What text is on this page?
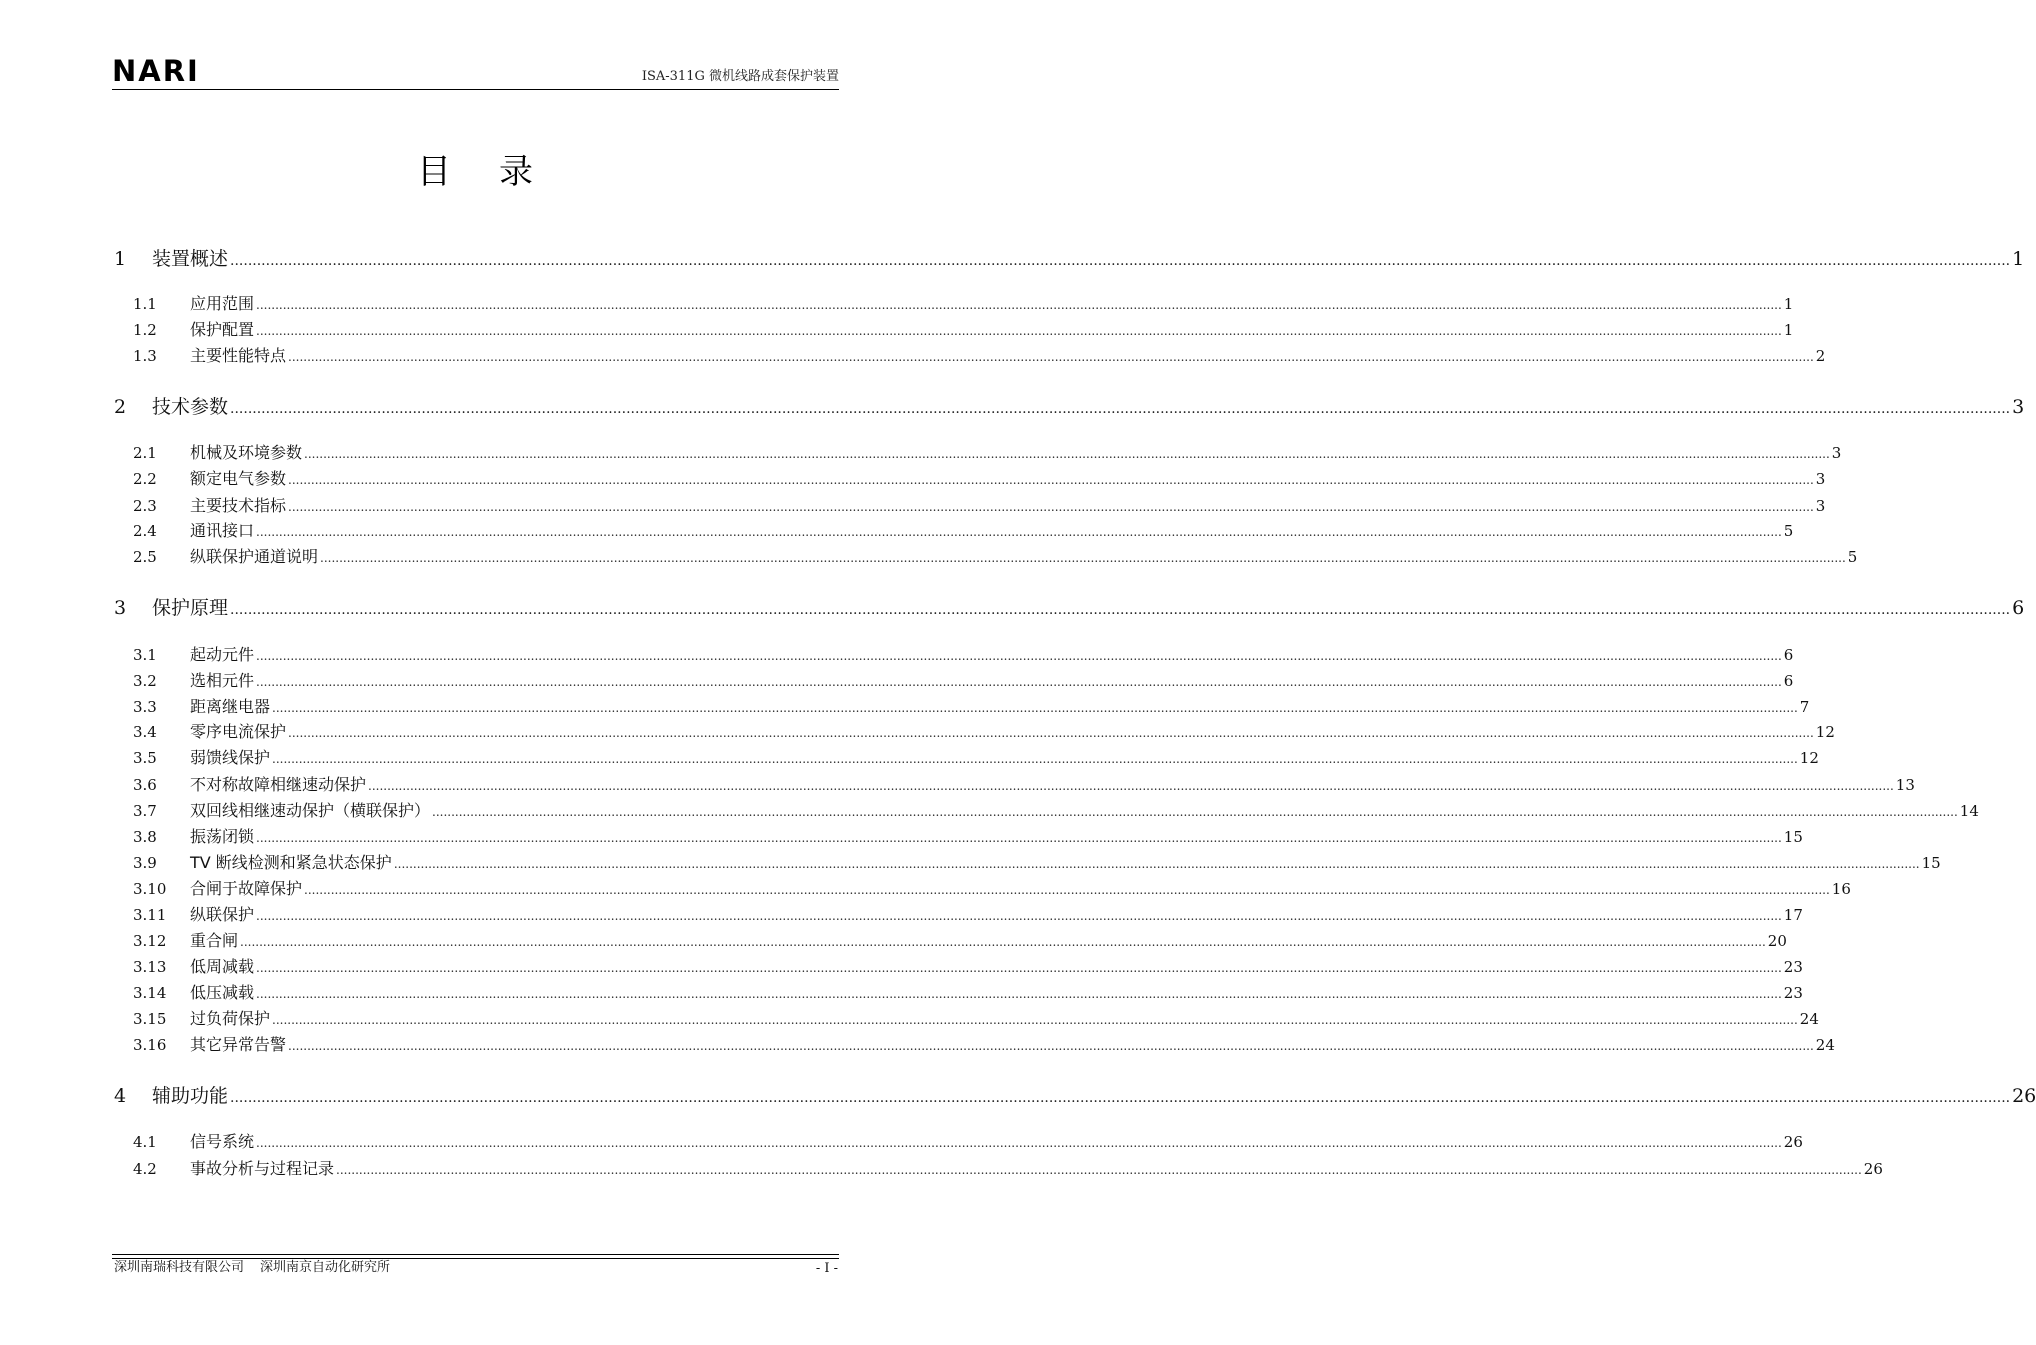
NARI	ISA-311G 微机线路成套保护装置
目录
1	装置概述 ................................................................................................................................................................................................................................................................................................................................................................................................................ 1
1.1	应用范围 ................................................................................................................................................................................................................................................................................................................................................................................................................ 1
1.2	保护配置 ................................................................................................................................................................................................................................................................................................................................................................................................................ 1
1.3	主要性能特点 ................................................................................................................................................................................................................................................................................................................................................................................................................ 2
2	技术参数 ................................................................................................................................................................................................................................................................................................................................................................................................................ 3
2.1	机械及环境参数 ................................................................................................................................................................................................................................................................................................................................................................................................................ 3
2.2	额定电气参数 ................................................................................................................................................................................................................................................................................................................................................................................................................ 3
2.3	主要技术指标 ................................................................................................................................................................................................................................................................................................................................................................................................................ 3
2.4	通讯接口 ................................................................................................................................................................................................................................................................................................................................................................................................................ 5
2.5	纵联保护通道说明 ................................................................................................................................................................................................................................................................................................................................................................................................................ 5
3	保护原理 ................................................................................................................................................................................................................................................................................................................................................................................................................ 6
3.1	起动元件 ................................................................................................................................................................................................................................................................................................................................................................................................................ 6
3.2	选相元件 ................................................................................................................................................................................................................................................................................................................................................................................................................ 6
3.3	距离继电器 ................................................................................................................................................................................................................................................................................................................................................................................................................ 7
3.4	零序电流保护 ................................................................................................................................................................................................................................................................................................................................................................................................................ 12
3.5	弱馈线保护 ................................................................................................................................................................................................................................................................................................................................................................................................................ 12
3.6	不对称故障相继速动保护 ................................................................................................................................................................................................................................................................................................................................................................................................................ 13
3.7	双回线相继速动保护（横联保护） ................................................................................................................................................................................................................................................................................................................................................................................................................ 14
3.8	振荡闭锁 ................................................................................................................................................................................................................................................................................................................................................................................................................ 15
3.9	TV 断线检测和紧急状态保护 ................................................................................................................................................................................................................................................................................................................................................................................................................ 15
3.10	合闸于故障保护 ................................................................................................................................................................................................................................................................................................................................................................................................................ 16
3.11	纵联保护 ................................................................................................................................................................................................................................................................................................................................................................................................................ 17
3.12	重合闸 ................................................................................................................................................................................................................................................................................................................................................................................................................ 20
3.13	低周减载 ................................................................................................................................................................................................................................................................................................................................................................................................................ 23
3.14	低压减载 ................................................................................................................................................................................................................................................................................................................................................................................................................ 23
3.15	过负荷保护 ................................................................................................................................................................................................................................................................................................................................................................................................................ 24
3.16	其它异常告警 ................................................................................................................................................................................................................................................................................................................................................................................................................ 24
4	辅助功能 ................................................................................................................................................................................................................................................................................................................................................................................................................ 26
4.1	信号系统 ................................................................................................................................................................................................................................................................................................................................................................................................................ 26
4.2	事故分析与过程记录 ................................................................................................................................................................................................................................................................................................................................................................................................................ 26
深圳南瑞科技有限公司 深圳南京自动化研究所	- I -
